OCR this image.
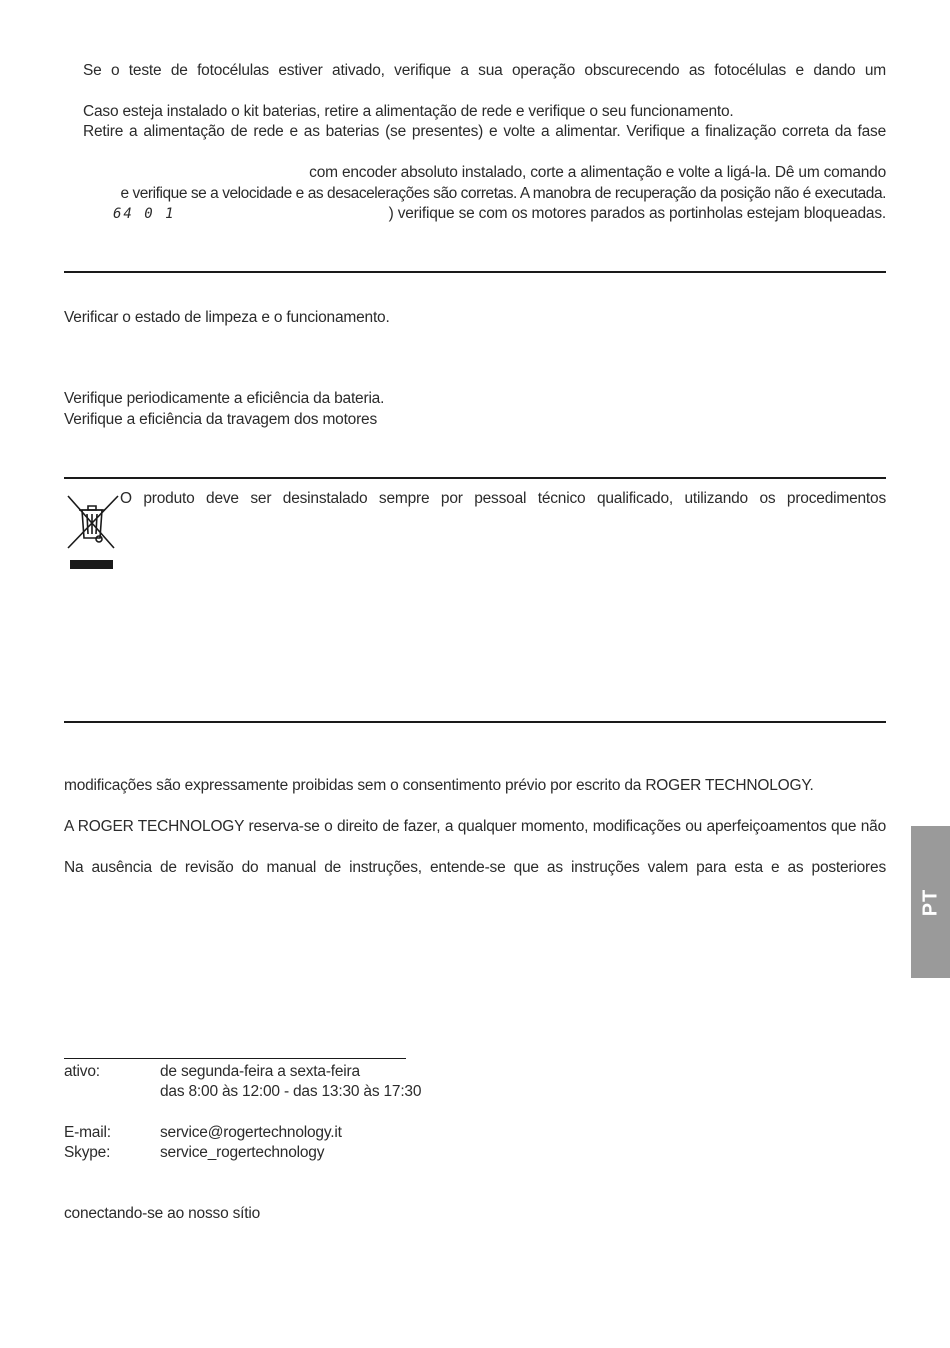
Se o teste de fotocélulas estiver ativado, verifique a sua operação obscurecendo as fotocélulas e dando um
Caso esteja instalado o kit baterias, retire a alimentação de rede e verifique o seu funcionamento.
Retire a alimentação de rede e as baterias (se presentes) e volte a alimentar. Verifique a finalização correta da fase
com encoder absoluto instalado, corte a alimentação e volte a ligá-la. Dê um comando
e verifique se a velocidade e as desacelerações são corretas. A manobra de recuperação da posição não é executada.
64 0 1	) verifique se com os motores parados as portinholas estejam bloqueadas.
Verificar o estado de limpeza e o funcionamento.
Verifique periodicamente a eficiência da bateria.
Verifique a eficiência da travagem dos motores
O produto deve ser desinstalado sempre por pessoal técnico qualificado, utilizando os procedimentos
modificações são expressamente proibidas sem o consentimento prévio por escrito da ROGER TECHNOLOGY.
A ROGER TECHNOLOGY reserva-se o direito de fazer, a qualquer momento, modificações ou aperfeiçoamentos que não
Na ausência de revisão do manual de instruções, entende-se que as instruções valem para esta e as posteriores
PT
ativo:	de segunda-feira a sexta-feira
das 8:00 às 12:00 - das 13:30 às 17:30
E-mail:	service@rogertechnology.it
Skype:	service_rogertechnology
conectando-se ao nosso sítio
